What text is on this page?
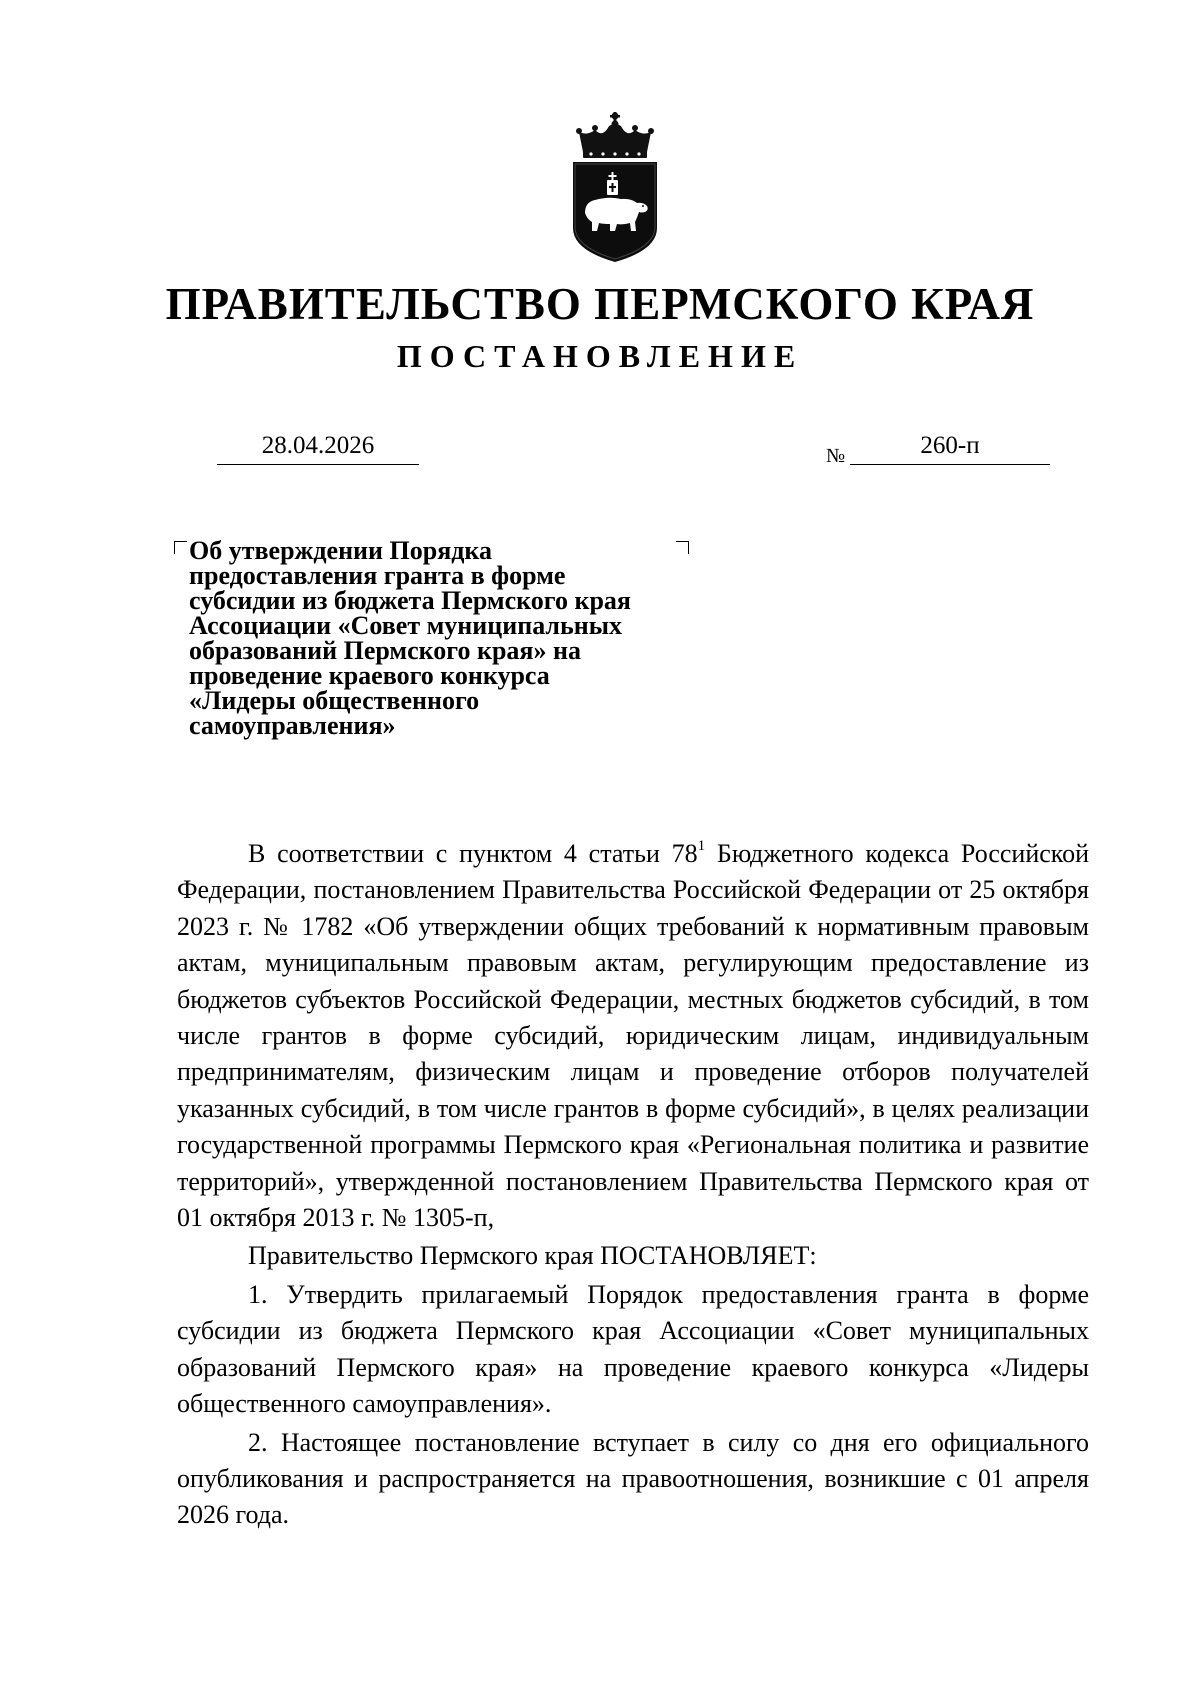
ПРАВИТЕЛЬСТВО ПЕРМСКОГО КРАЯ
ПОСТАНОВЛЕНИЕ
28.04.2026	№	260-п
Об утверждении Порядка предоставления гранта в форме субсидии из бюджета Пермского края Ассоциации «Совет муниципальных образований Пермского края» на проведение краевого конкурса «Лидеры общественного самоуправления»

В соответствии с пунктом 4 статьи $78^1$ Бюджетного кодекса Российской Федерации, постановлением Правительства Российской Федерации от 25 октября 2023 г. № 1782 «Об утверждении общих требований к нормативным правовым актам, муниципальным правовым актам, регулирующим предоставление из бюджетов субъектов Российской Федерации, местных бюджетов субсидий, в том числе грантов в форме субсидий, юридическим лицам, индивидуальным предпринимателям, физическим лицам и проведение отборов получателей указанных субсидий, в том числе грантов в форме субсидий», в целях реализации государственной программы Пермского края «Региональная политика и развитие территорий», утвержденной постановлением Правительства Пермского края от 01 октября 2013 г. № 1305-п,

Правительство Пермского края ПОСТАНОВЛЯЕТ:

1. Утвердить прилагаемый Порядок предоставления гранта в форме субсидии из бюджета Пермского края Ассоциации «Совет муниципальных образований Пермского края» на проведение краевого конкурса «Лидеры общественного самоуправления».

2. Настоящее постановление вступает в силу со дня его официального опубликования и распространяется на правоотношения, возникшие с 01 апреля 2026 года.
